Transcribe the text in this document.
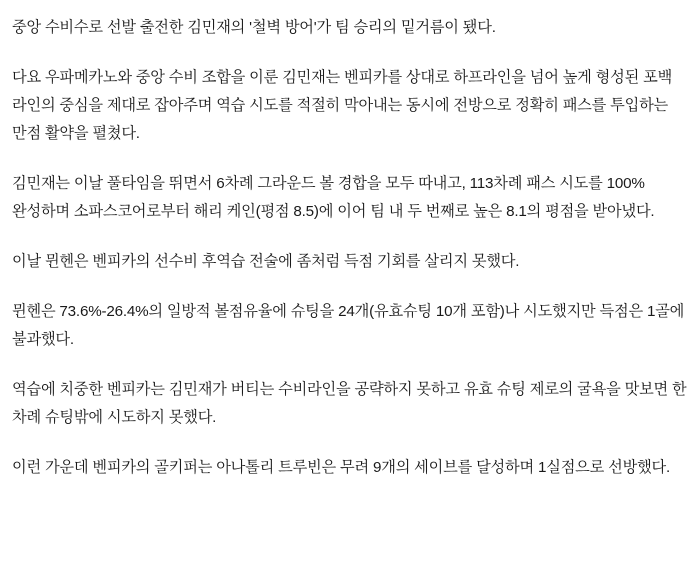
중앙 수비수로 선발 출전한 김민재의 '철벽 방어'가 팀 승리의 밑거름이 됐다.

다요 우파메카노와 중앙 수비 조합을 이룬 김민재는 벤피카를 상대로 하프라인을 넘어 높게 형성된 포백 라인의 중심을 제대로 잡아주며 역습 시도를 적절히 막아내는 동시에 전방으로 정확히 패스를 투입하는 만점 활약을 펼쳤다.

김민재는 이날 풀타임을 뛰면서 6차례 그라운드 볼 경합을 모두 따내고, 113차례 패스 시도를 100% 완성하며 소파스코어로부터 해리 케인(평점 8.5)에 이어 팀 내 두 번째로 높은 8.1의 평점을 받아냈다.

이날 뮌헨은 벤피카의 선수비 후역습 전술에 좀처럼 득점 기회를 살리지 못했다.

뮌헨은 73.6%-26.4%의 일방적 볼점유율에 슈팅을 24개(유효슈팅 10개 포함)나 시도했지만 득점은 1골에 불과했다.

역습에 치중한 벤피카는 김민재가 버티는 수비라인을 공략하지 못하고 유효 슈팅 제로의 굴욕을 맛보면 한 차례 슈팅밖에 시도하지 못했다.

이런 가운데 벤피카의 골키퍼는 아나톨리 트루빈은 무려 9개의 세이브를 달성하며 1실점으로 선방했다.
